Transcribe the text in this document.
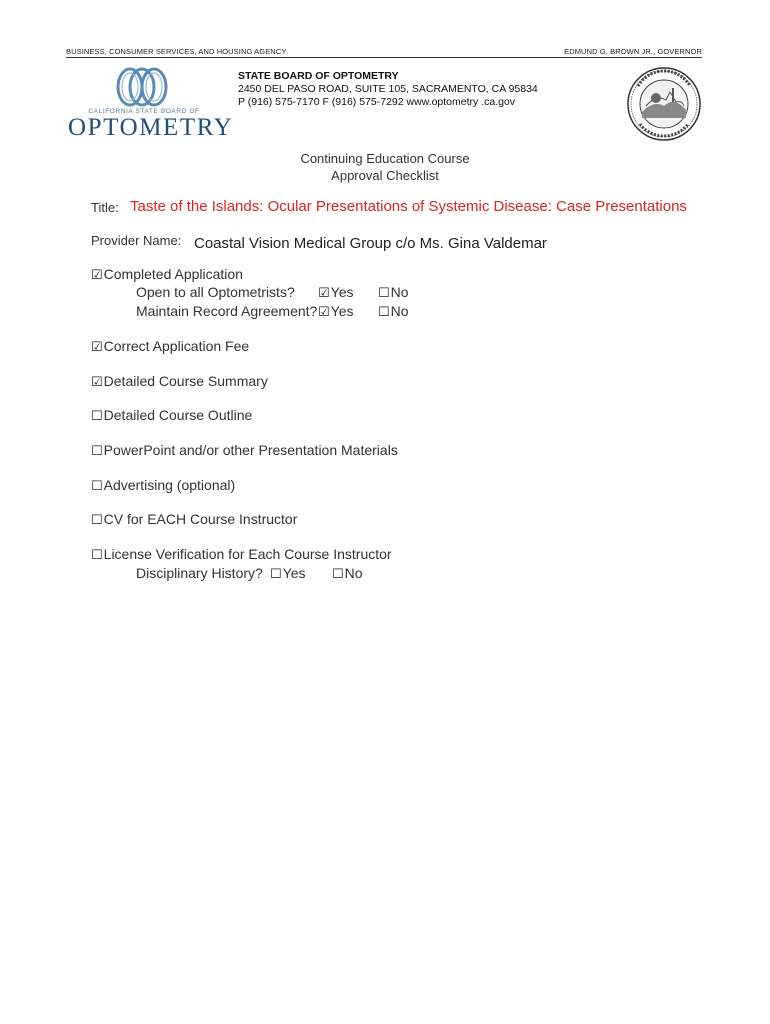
BUSINESS, CONSUMER SERVICES, AND HOUSING AGENCY	EDMUND G. BROWN JR., GOVERNOR
CALIFORNIA STATE BOARD OF
OPTOMETRY
STATE BOARD OF OPTOMETRY
2450 DEL PASO ROAD, SUITE 105, SACRAMENTO, CA 95834
P (916) 575-7170 F (916) 575-7292 www.optometry .ca.gov
Continuing Education Course
Approval Checklist
Title: Taste of the Islands: Ocular Presentations of Systemic Disease: Case Presentations
Provider Name: Coastal Vision Medical Group c/o Ms. Gina Valdemar
☑Completed Application
Open to all Optometrists? ☑Yes ☐No
Maintain Record Agreement? ☑Yes ☐No
☑Correct Application Fee
☑Detailed Course Summary
☐Detailed Course Outline
☐PowerPoint and/or other Presentation Materials
☐Advertising (optional)
☐CV for EACH Course Instructor
☐License Verification for Each Course Instructor
Disciplinary History? ☐Yes ☐No
